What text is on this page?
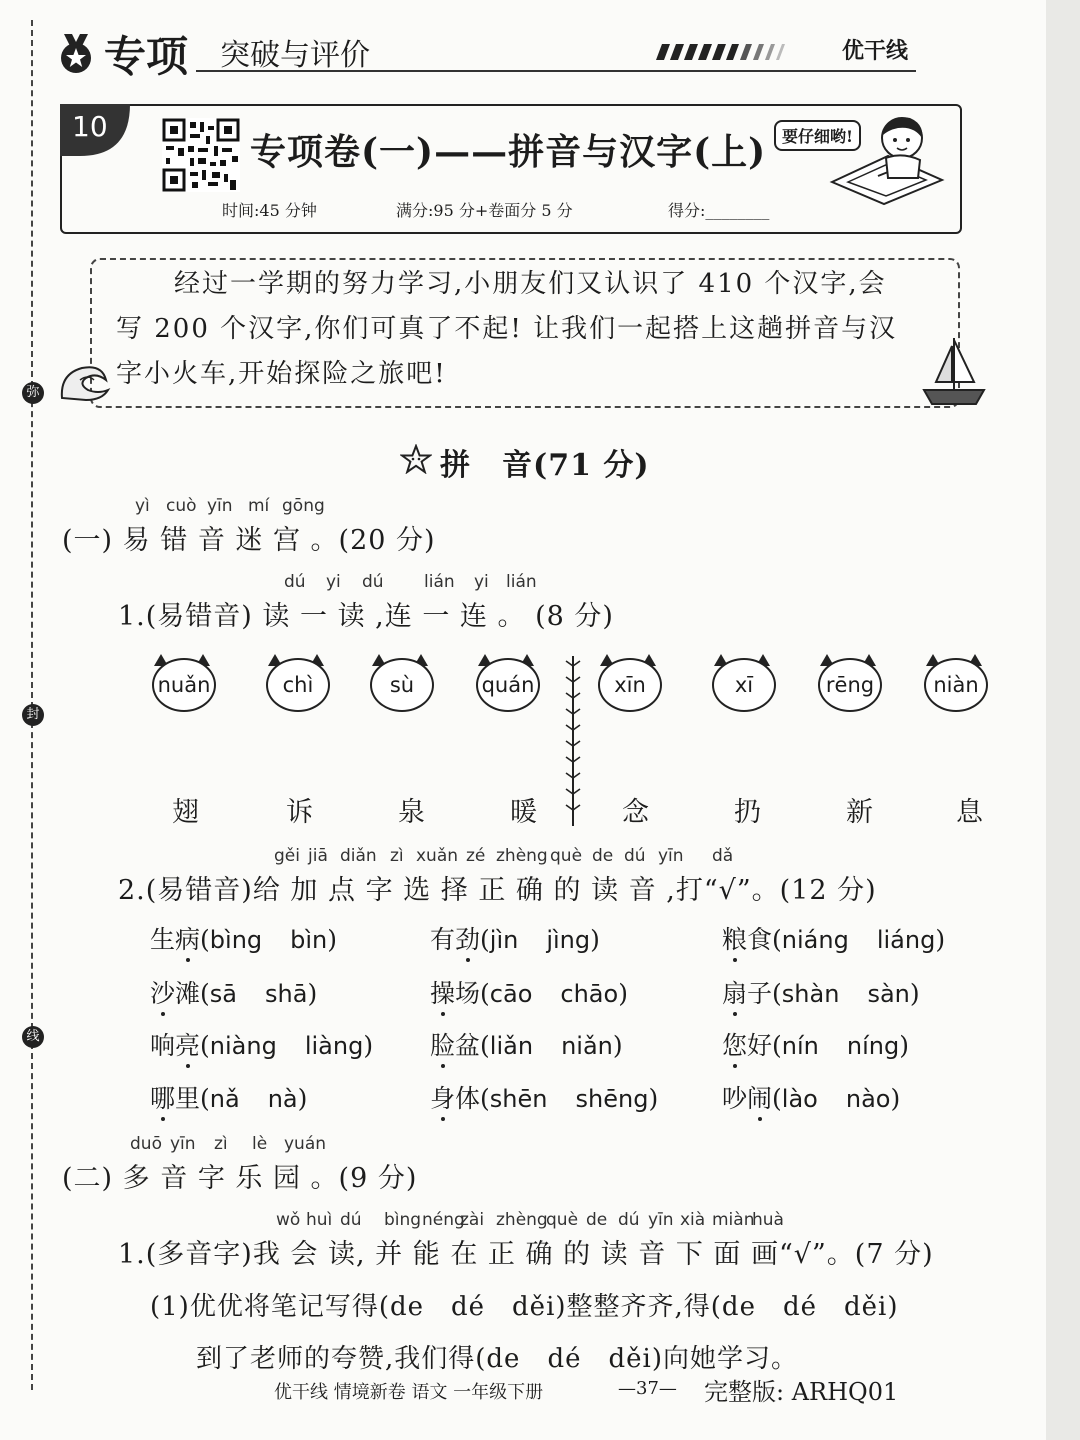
弥
封
线
专项 突破与评价	优干线
10
专项卷(一)——拼音与汉字(上) 要仔细哟!
时间:45 分钟	满分:95 分+卷面分 5 分	得分:________
经过一学期的努力学习,小朋友们又认识了 410 个汉字,会
写 200 个汉字,你们可真了不起! 让我们一起搭上这趟拼音与汉
字小火车,开始探险之旅吧!
拼　音(71 分)
yì cuò yīn mí gōng
(一) 易 错 音 迷 宫 。(20 分)
dú yi dú lián yi lián
1.(易错音) 读 一 读 ,连 一 连 。 (8 分)
nuǎn	chì	sù	quán	xīn	xī	rēng	niàn
翅	诉	泉	暖	念	扔	新	息
gěi jiā diǎn zì xuǎn zé zhèng què de dú yīn dǎ
2.(易错音)给 加 点 字 选 择 正 确 的 读 音 ,打“√”。(12 分)
生病(bìng bìn)	有劲(jìn jìng)	粮食(niáng liáng)
沙滩(sā shā)	操场(cāo chāo)	扇子(shàn sàn)
响亮(niàng liàng) 脸盆(liǎn niǎn)	您好(nín níng)
哪里(nǎ nà)	身体(shēn shēng)	吵闹(lào nào)
duō yīn zì lè yuán
(二) 多 音 字 乐 园 。(9 分)
wǒ huì dú bìng néng
zài zhèng
què de dú yīn xià miàn
huà
1.(多音字)我 会 读, 并 能 在 正 确 的 读 音 下 面 画“√”。(7 分)
(1)优优将笔记写得(de　dé　děi)整整齐齐,得(de　dé　děi)
到了老师的夸赞,我们得(de　dé　děi)向她学习。
优干线 情境新卷 语文 一年级下册	—37— 完整版: ARHQ01
